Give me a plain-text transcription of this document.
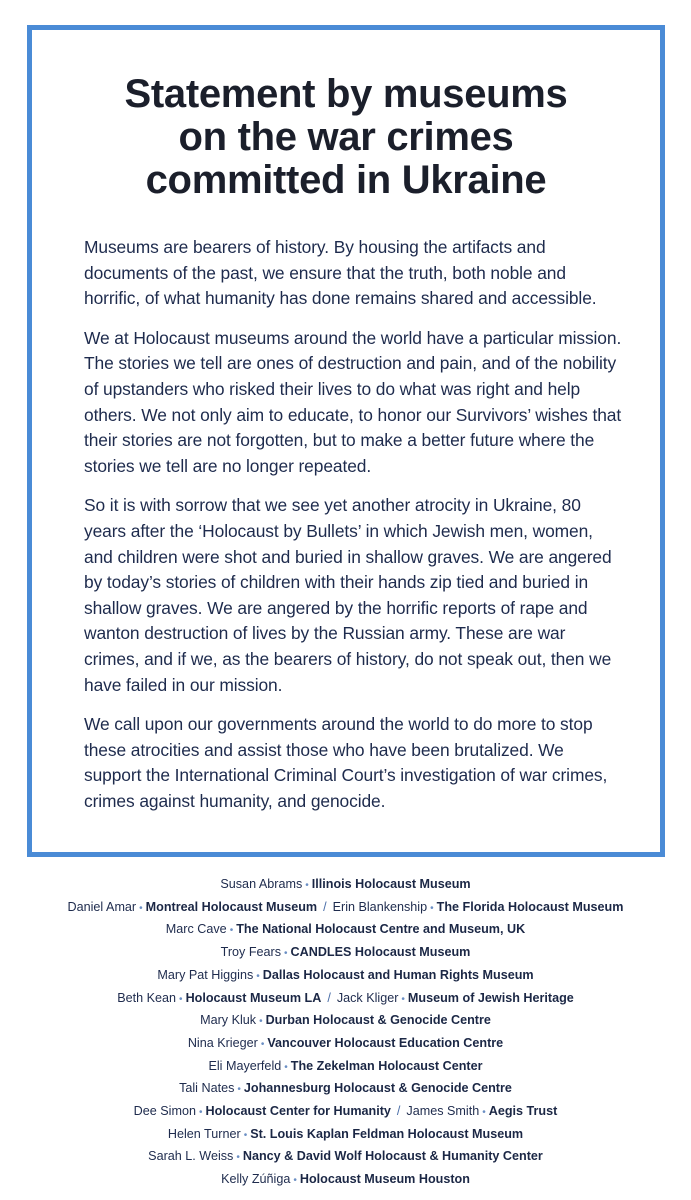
Statement by museums
on the war crimes
committed in Ukraine

Museums are bearers of history. By housing the artifacts and documents of the past, we ensure that the truth, both noble and horrific, of what humanity has done remains shared and accessible.

We at Holocaust museums around the world have a particular mission. The stories we tell are ones of destruction and pain, and of the nobility of upstanders who risked their lives to do what was right and help others. We not only aim to educate, to honor our Survivors’ wishes that their stories are not forgotten, but to make a better future where the stories we tell are no longer repeated.

So it is with sorrow that we see yet another atrocity in Ukraine, 80 years after the ‘Holocaust by Bullets’ in which Jewish men, women, and children were shot and buried in shallow graves. We are angered by today’s stories of children with their hands zip tied and buried in shallow graves. We are angered by the horrific reports of rape and wanton destruction of lives by the Russian army. These are war crimes, and if we, as the bearers of history, do not speak out, then we have failed in our mission.

We call upon our governments around the world to do more to stop these atrocities and assist those who have been brutalized. We support the International Criminal Court’s investigation of war crimes, crimes against humanity, and genocide.

Susan Abrams • Illinois Holocaust Museum
Daniel Amar • Montreal Holocaust Museum / Erin Blankenship • The Florida Holocaust Museum
Marc Cave • The National Holocaust Centre and Museum, UK
Troy Fears • CANDLES Holocaust Museum
Mary Pat Higgins • Dallas Holocaust and Human Rights Museum
Beth Kean • Holocaust Museum LA / Jack Kliger • Museum of Jewish Heritage
Mary Kluk • Durban Holocaust & Genocide Centre
Nina Krieger • Vancouver Holocaust Education Centre
Eli Mayerfeld • The Zekelman Holocaust Center
Tali Nates • Johannesburg Holocaust & Genocide Centre
Dee Simon • Holocaust Center for Humanity / James Smith • Aegis Trust
Helen Turner • St. Louis Kaplan Feldman Holocaust Museum
Sarah L. Weiss • Nancy & David Wolf Holocaust & Humanity Center
Kelly Zúñiga • Holocaust Museum Houston
